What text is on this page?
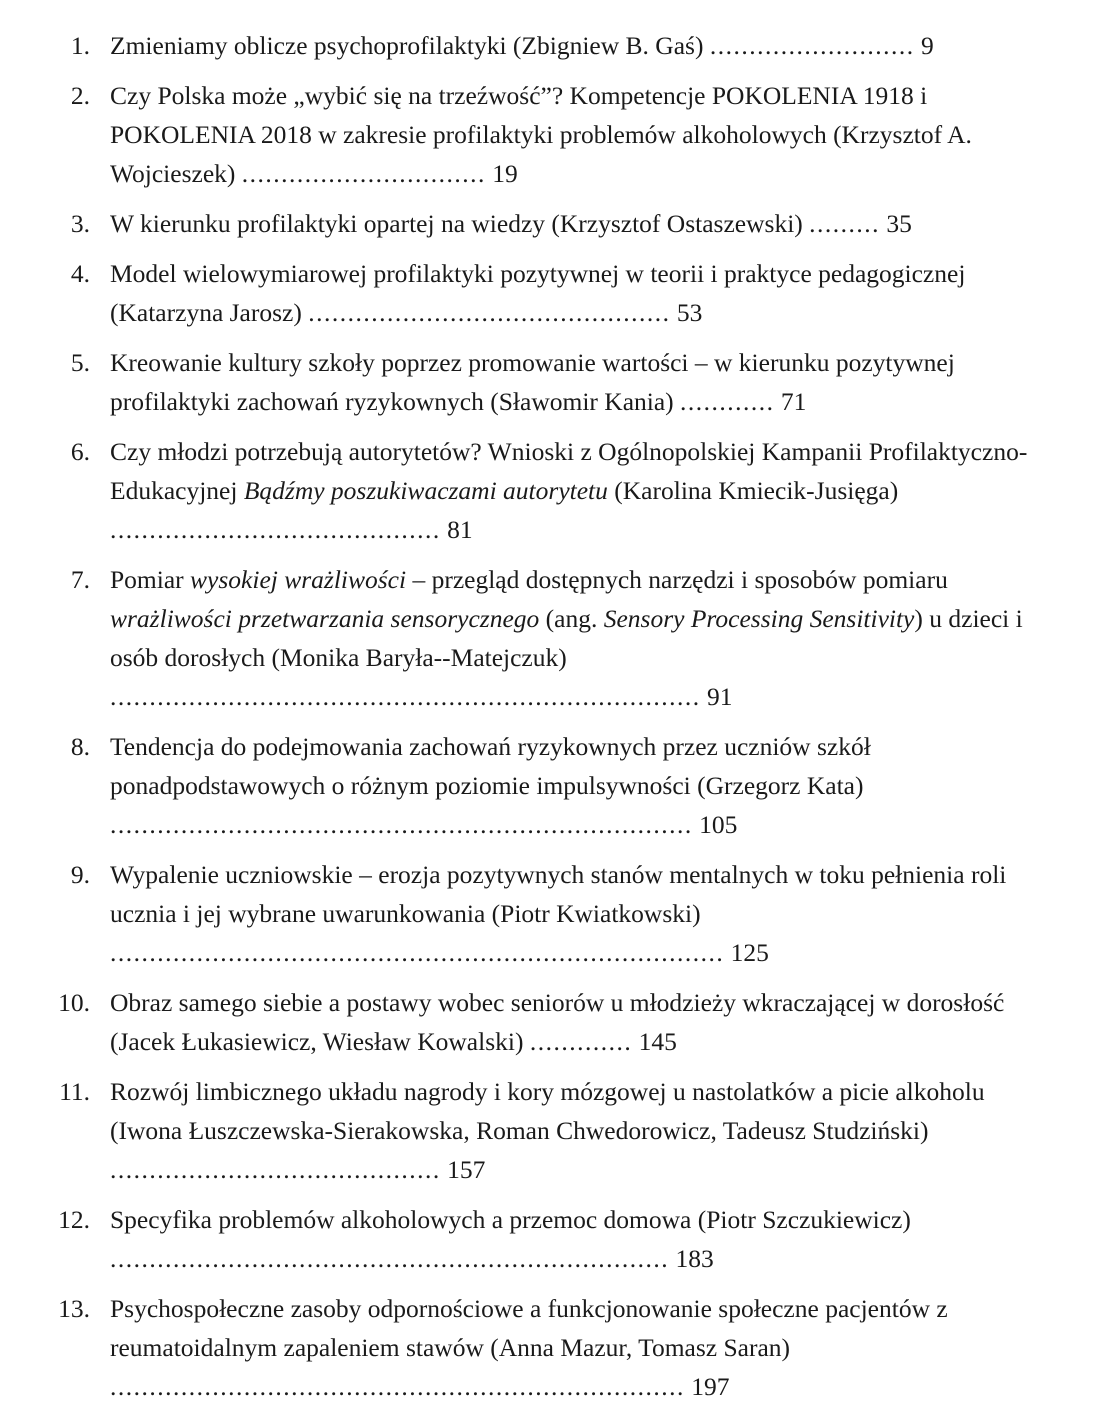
1. Zmieniamy oblicze psychoprofilaktyki (Zbigniew B. Gaś) .......................... 9
2. Czy Polska może „wybić się na trzeźwość”? Kompetencje POKOLENIA 1918 i POKOLENIA 2018 w zakresie profilaktyki problemów alkoholowych (Krzysztof A. Wojcieszek) ............................... 19
3. W kierunku profilaktyki opartej na wiedzy (Krzysztof Ostaszewski) ......... 35
4. Model wielowymiarowej profilaktyki pozytywnej w teorii i praktyce pedagogicznej (Katarzyna Jarosz) .............................................. 53
5. Kreowanie kultury szkoły poprzez promowanie wartości – w kierunku pozytywnej profilaktyki zachowań ryzykownych (Sławomir Kania) ............ 71
6. Czy młodzi potrzebują autorytetów? Wnioski z Ogólnopolskiej Kampanii Profilaktyczno-Edukacyjnej Bądźmy poszukiwaczami autorytetu (Karolina Kmiecik-Jusięga) .......................................... 81
7. Pomiar wysokiej wrażliwości – przegląd dostępnych narzędzi i sposobów pomiaru wrażliwości przetwarzania sensorycznego (ang. Sensory Processing Sensitivity) u dzieci i osób dorosłych (Monika Baryła-‑Matejczuk) ........................................................................... 91
8. Tendencja do podejmowania zachowań ryzykownych przez uczniów szkół ponadpodstawowych o różnym poziomie impulsywności (Grzegorz Kata) .......................................................................... 105
9. Wypalenie uczniowskie – erozja pozytywnych stanów mentalnych w toku pełnienia roli ucznia i jej wybrane uwarunkowania (Piotr Kwiatkowski) .............................................................................. 125
10. Obraz samego siebie a postawy wobec seniorów u młodzieży wkraczającej w dorosłość (Jacek Łukasiewicz, Wiesław Kowalski) ............. 145
11. Rozwój limbicznego układu nagrody i kory mózgowej u nastolatków a picie alkoholu (Iwona Łuszczewska-Sierakowska, Roman Chwedorowicz, Tadeusz Studziński) .......................................... 157
12. Specyfika problemów alkoholowych a przemoc domowa (Piotr Szczukiewicz) ....................................................................... 183
13. Psychospołeczne zasoby odpornościowe a funkcjonowanie społeczne pacjentów z reumatoidalnym zapaleniem stawów (Anna Mazur, Tomasz Saran) ......................................................................... 197
